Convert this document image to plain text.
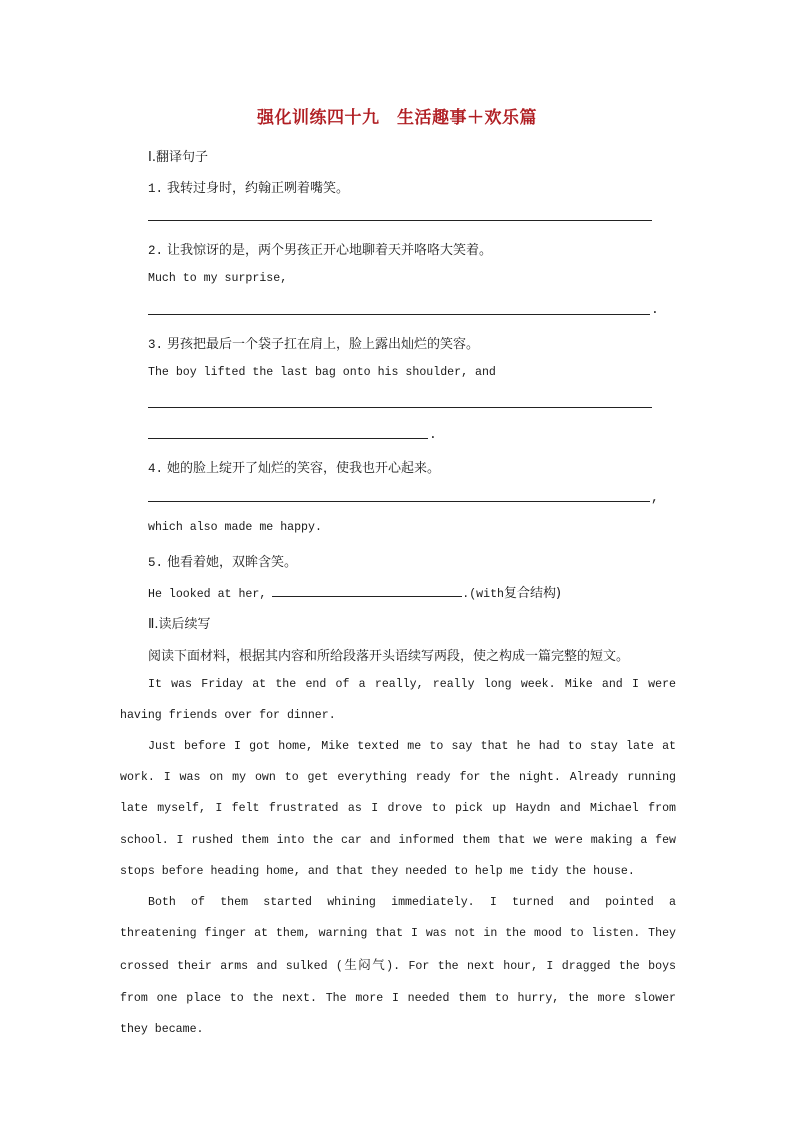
强化训练四十九　生活趣事＋欢乐篇
Ⅰ.翻译句子
1. 我转过身时，约翰正咧着嘴笑。
2. 让我惊讶的是，两个男孩正开心地聊着天并咯咯大笑着。
Much to my surprise,
.
3. 男孩把最后一个袋子扛在肩上，脸上露出灿烂的笑容。
The boy lifted the last bag onto his shoulder, and
.
4. 她的脸上绽开了灿烂的笑容，使我也开心起来。
,
which also made me happy.
5. 他看着她，双眸含笑。
He looked at her,	.(with复合结构)
Ⅱ.读后续写
阅读下面材料，根据其内容和所给段落开头语续写两段，使之构成一篇完整的短文。

It was Friday at the end of a really, really long week. Mike and I were having friends over for dinner.

Just before I got home, Mike texted me to say that he had to stay late at work. I was on my own to get everything ready for the night. Already running late myself, I felt frustrated as I drove to pick up Haydn and Michael from school. I rushed them into the car and informed them that we were making a few stops before heading home, and that they needed to help me tidy the house.

Both of them started whining immediately. I turned and pointed a threatening finger at them, warning that I was not in the mood to listen. They crossed their arms and sulked (生闷气). For the next hour, I dragged the boys from one place to the next. The more I needed them to hurry, the more slower they became.
